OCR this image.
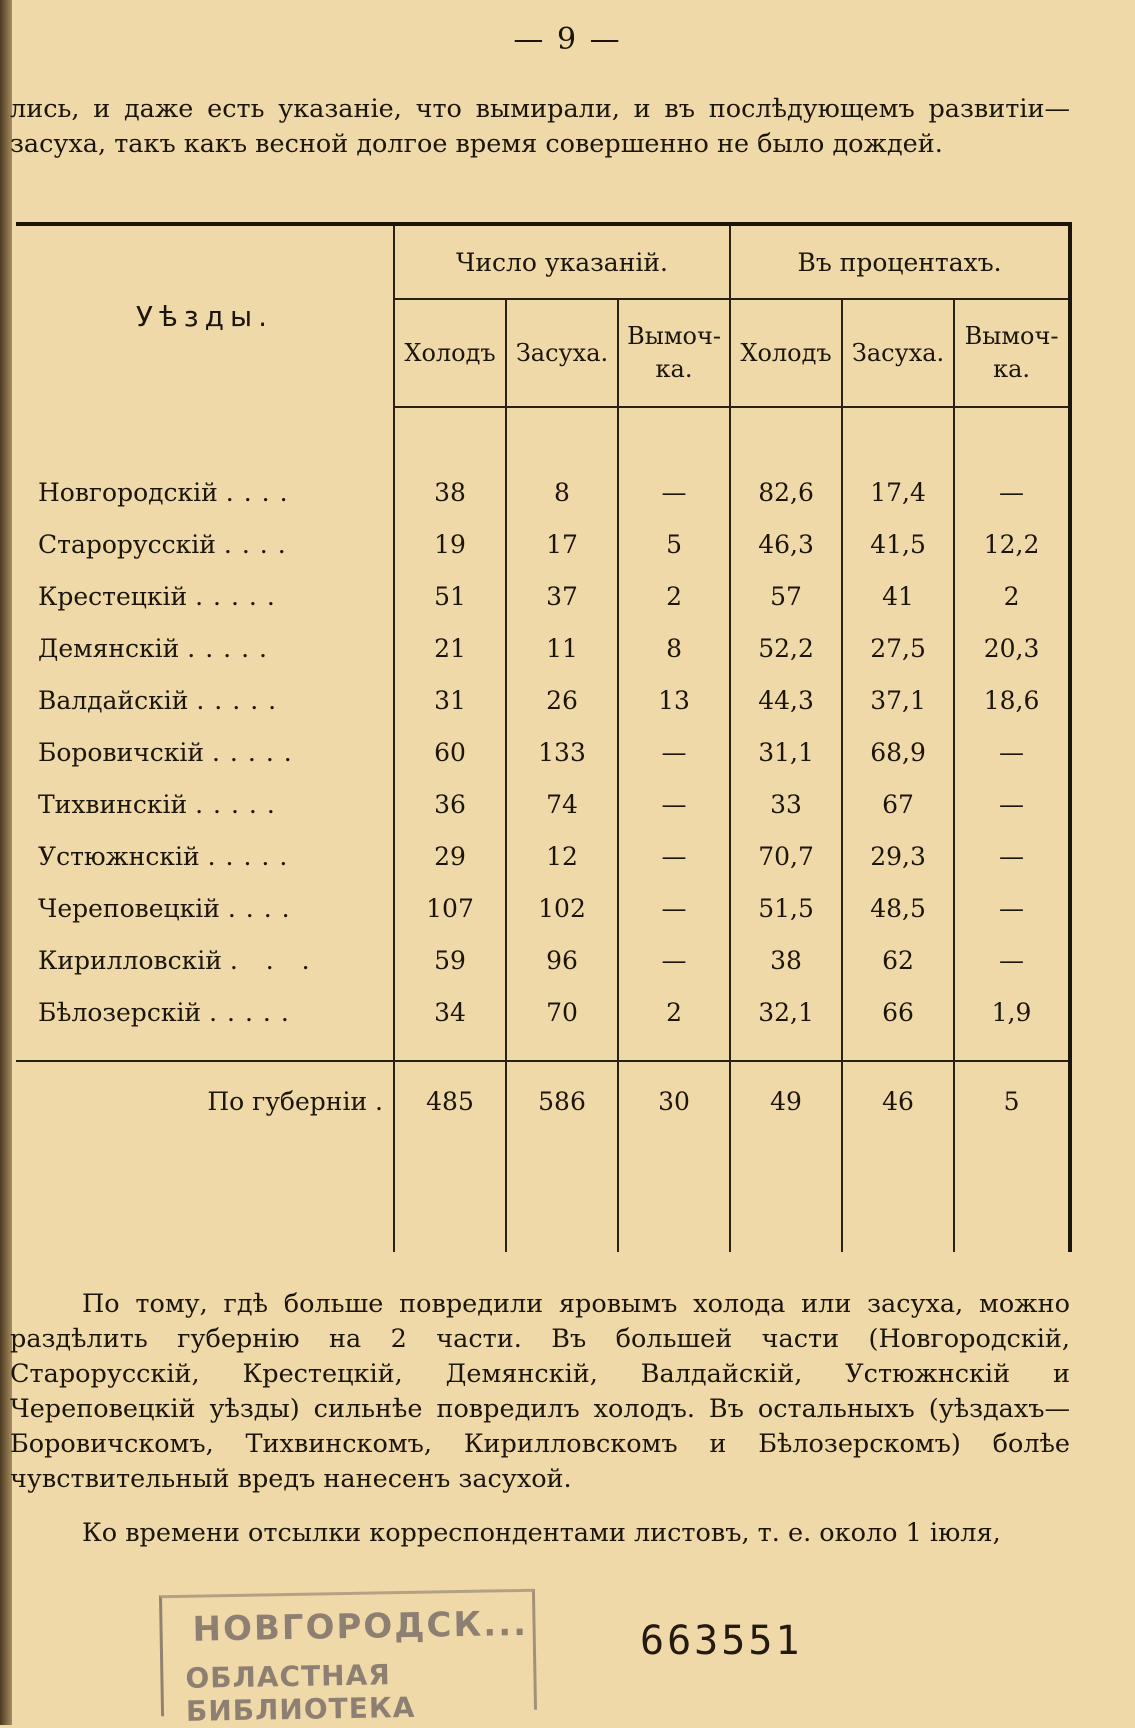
— 9 —
лись, и даже есть указаніе, что вымирали, и въ послѣдующемъ развитіи—засуха, такъ какъ весной долгое время совершенно не было дождей.
Уѣзды.	Число указаній.			Въ процентахъ.		
	Холодъ	Засуха.	Вымоч-ка.	Холодъ	Засуха.	Вымоч-ка.

Новгородскій ....	38	8	—	82,6	17,4	—
Старорусскій ....	19	17	5	46,3	41,5	12,2
Крестецкій .....	51	37	2	57	41	2
Демянскій .....	21	11	8	52,2	27,5	20,3
Валдайскій .....	31	26	13	44,3	37,1	18,6
Боровичскій .....	60	133	—	31,1	68,9	—
Тихвинскій .....	36	74	—	33	67	—
Устюжнскій .....	29	12	—	70,7	29,3	—
Череповецкій ....	107	102	—	51,5	48,5	—
Кирилловскій . . .	59	96	—	38	62	—
Бѣлозерскій .....	34	70	2	32,1	66	1,9

По губерніи .	485	586	30	49	46	5

По тому, гдѣ больше повредили яровымъ холода или засуха, можно раздѣлить губернію на 2 части. Въ большей части (Новгородскій, Старорусскій, Крестецкій, Демянскій, Валдайскій, Устюжнскій и Череповецкій уѣзды) сильнѣе повредилъ холодъ. Въ остальныхъ (уѣздахъ—Боровичскомъ, Тихвинскомъ, Кирилловскомъ и Бѣлозерскомъ) болѣе чувствительный вредъ нанесенъ засухой.
Ко времени отсылки корреспондентами листовъ, т. е. около 1 іюля,
НОВГОРОДСК...
ОБЛАСТНАЯ БИБЛИОТЕКА
663551
